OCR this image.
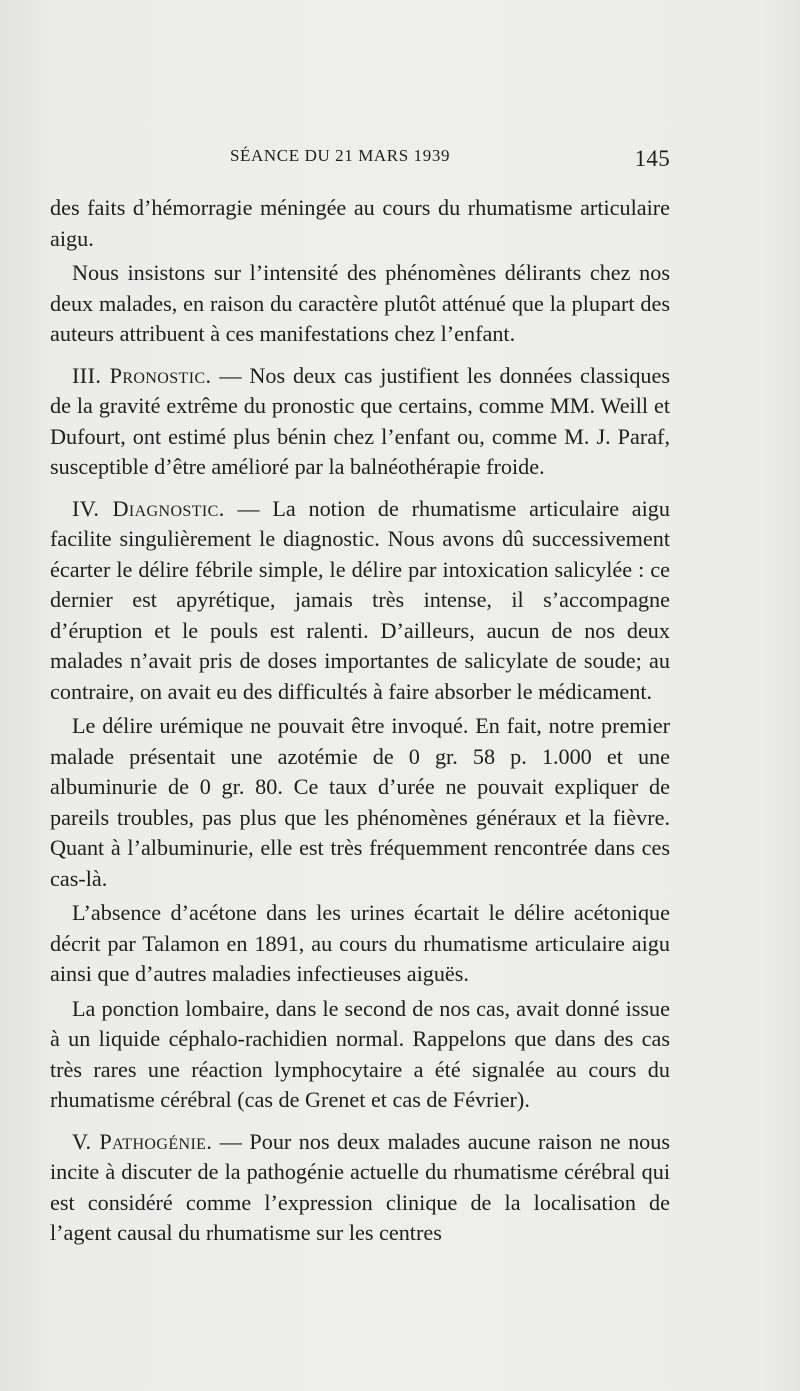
SÉANCE DU 21 MARS 1939	145

des faits d’hémorragie méningée au cours du rhumatisme articulaire aigu.

Nous insistons sur l’intensité des phénomènes délirants chez nos deux malades, en raison du caractère plutôt atténué que la plupart des auteurs attribuent à ces manifestations chez l’enfant.

III. Pronostic. — Nos deux cas justifient les données classiques de la gravité extrême du pronostic que certains, comme MM. Weill et Dufourt, ont estimé plus bénin chez l’enfant ou, comme M. J. Paraf, susceptible d’être amélioré par la balnéothérapie froide.

IV. Diagnostic. — La notion de rhumatisme articulaire aigu facilite singulièrement le diagnostic. Nous avons dû successivement écarter le délire fébrile simple, le délire par intoxication salicylée : ce dernier est apyrétique, jamais très intense, il s’accompagne d’éruption et le pouls est ralenti. D’ailleurs, aucun de nos deux malades n’avait pris de doses importantes de salicylate de soude; au contraire, on avait eu des difficultés à faire absorber le médicament.

Le délire urémique ne pouvait être invoqué. En fait, notre premier malade présentait une azotémie de 0 gr. 58 p. 1.000 et une albuminurie de 0 gr. 80. Ce taux d’urée ne pouvait expliquer de pareils troubles, pas plus que les phénomènes généraux et la fièvre. Quant à l’albuminurie, elle est très fréquemment rencontrée dans ces cas-là.

L’absence d’acétone dans les urines écartait le délire acétonique décrit par Talamon en 1891, au cours du rhumatisme articulaire aigu ainsi que d’autres maladies infectieuses aiguës.

La ponction lombaire, dans le second de nos cas, avait donné issue à un liquide céphalo-rachidien normal. Rappelons que dans des cas très rares une réaction lymphocytaire a été signalée au cours du rhumatisme cérébral (cas de Grenet et cas de Février).

V. Pathogénie. — Pour nos deux malades aucune raison ne nous incite à discuter de la pathogénie actuelle du rhumatisme cérébral qui est considéré comme l’expression clinique de la localisation de l’agent causal du rhumatisme sur les centres
